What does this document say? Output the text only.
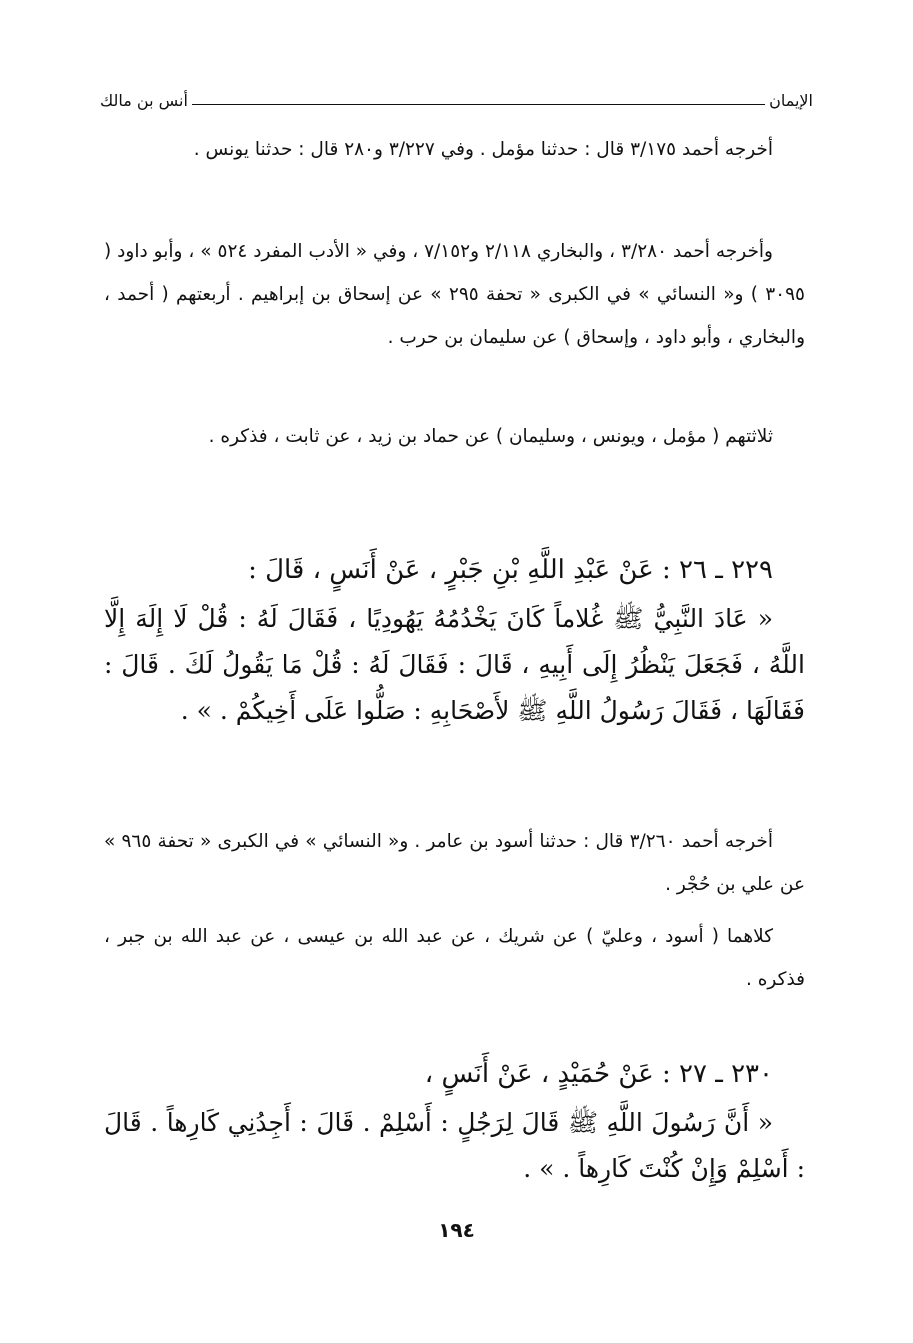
الإيمان
أنس بن مالك

أخرجه أحمد ٣/١٧٥ قال : حدثنا مؤمل . وفي ٣/٢٢٧ و٢٨٠ قال : حدثنا يونس .

وأخرجه أحمد ٣/٢٨٠ ، والبخاري ٢/١١٨ و٧/١٥٢ ، وفي « الأدب المفرد ٥٢٤ » ، وأبو داود ( ٣٠٩٥ ) و« النسائي » في الكبرى « تحفة ٢٩٥ » عن إسحاق بن إبراهيم . أربعتهم ( أحمد ، والبخاري ، وأبو داود ، وإسحاق ) عن سليمان بن حرب .

ثلاثتهم ( مؤمل ، ويونس ، وسليمان ) عن حماد بن زيد ، عن ثابت ، فذكره .

٢٢٩ ـ ٢٦ : عَنْ عَبْدِ اللَّهِ بْنِ جَبْرٍ ، عَنْ أَنَسٍ ، قَالَ :

« عَادَ النَّبِيُّ ﷺ غُلاماً كَانَ يَخْدُمُهُ يَهُودِيًا ، فَقَالَ لَهُ : قُلْ لَا إِلَهَ إِلَّا اللَّهُ ، فَجَعَلَ يَنْظُرُ إِلَى أَبِيهِ ، قَالَ : فَقَالَ لَهُ : قُلْ مَا يَقُولُ لَكَ . قَالَ : فَقَالَهَا ، فَقَالَ رَسُولُ اللَّهِ ﷺ لأَصْحَابِهِ : صَلُّوا عَلَى أَخِيكُمْ . » .

أخرجه أحمد ٣/٢٦٠ قال : حدثنا أسود بن عامر . و« النسائي » في الكبرى « تحفة ٩٦٥ » عن علي بن حُجْر .

كلاهما ( أسود ، وعليّ ) عن شريك ، عن عبد الله بن عيسى ، عن عبد الله بن جبر ، فذكره .

٢٣٠ ـ ٢٧ : عَنْ حُمَيْدٍ ، عَنْ أَنَسٍ ،

« أَنَّ رَسُولَ اللَّهِ ﷺ قَالَ لِرَجُلٍ : أَسْلِمْ . قَالَ : أَجِدُنِي كَارِهاً . قَالَ : أَسْلِمْ وَإِنْ كُنْتَ كَارِهاً . » .

١٩٤
